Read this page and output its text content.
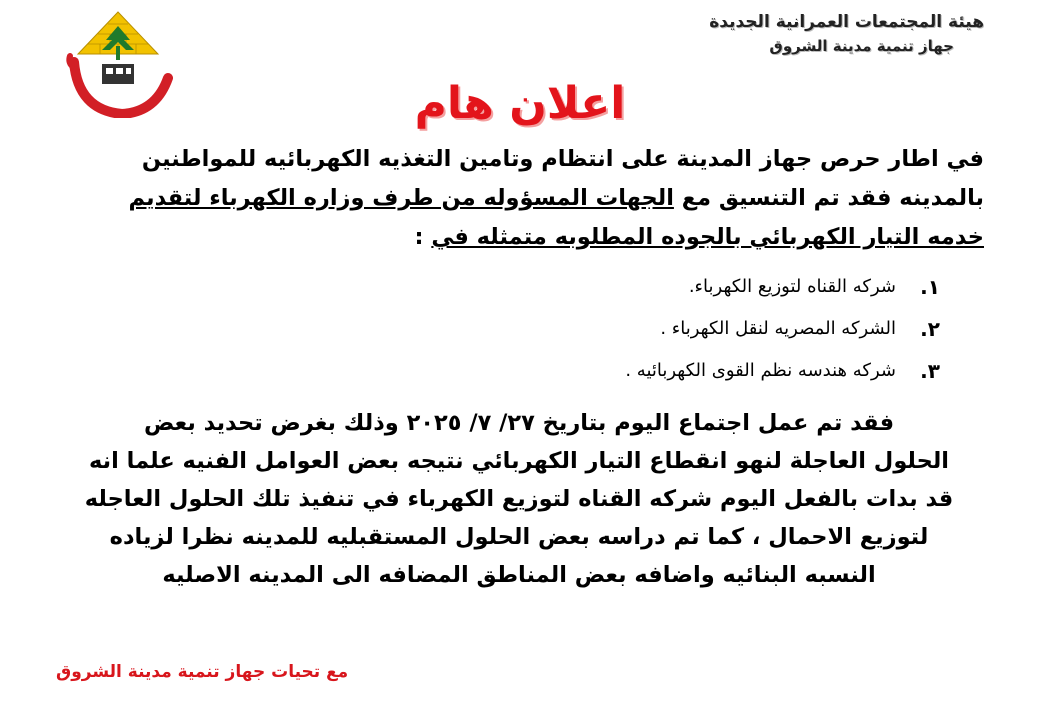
هيئة المجتمعات العمرانية الجديدة
جهاز تنمية مدينة الشروق
اعلان هام
في اطار حرص جهاز المدينة على انتظام وتامين التغذيه الكهربائيه للمواطنين
بالمدينه فقد تم التنسيق مع الجهات المسؤوله من طرف وزاره الكهرباء لتقديم
خدمه التيار الكهربائي بالجوده المطلوبه متمثله في :
١.
شركه القناه لتوزيع الكهرباء.
٢.
الشركه المصريه لنقل الكهرباء .
٣.
شركه هندسه نظم القوى الكهربائيه .
فقد تم عمل اجتماع اليوم بتاريخ ٢٧/ ٧/ ٢٠٢٥ وذلك بغرض تحديد بعض
الحلول العاجلة لنهو انقطاع التيار الكهربائي نتيجه بعض العوامل الفنيه علما انه
قد بدات بالفعل اليوم شركه القناه لتوزيع الكهرباء في تنفيذ تلك الحلول العاجله
لتوزيع الاحمال ، كما تم دراسه بعض الحلول المستقبليه للمدينه نظرا لزياده
النسبه البنائيه واضافه بعض المناطق المضافه الى المدينه الاصليه
مع تحيات جهاز تنمية مدينة الشروق
